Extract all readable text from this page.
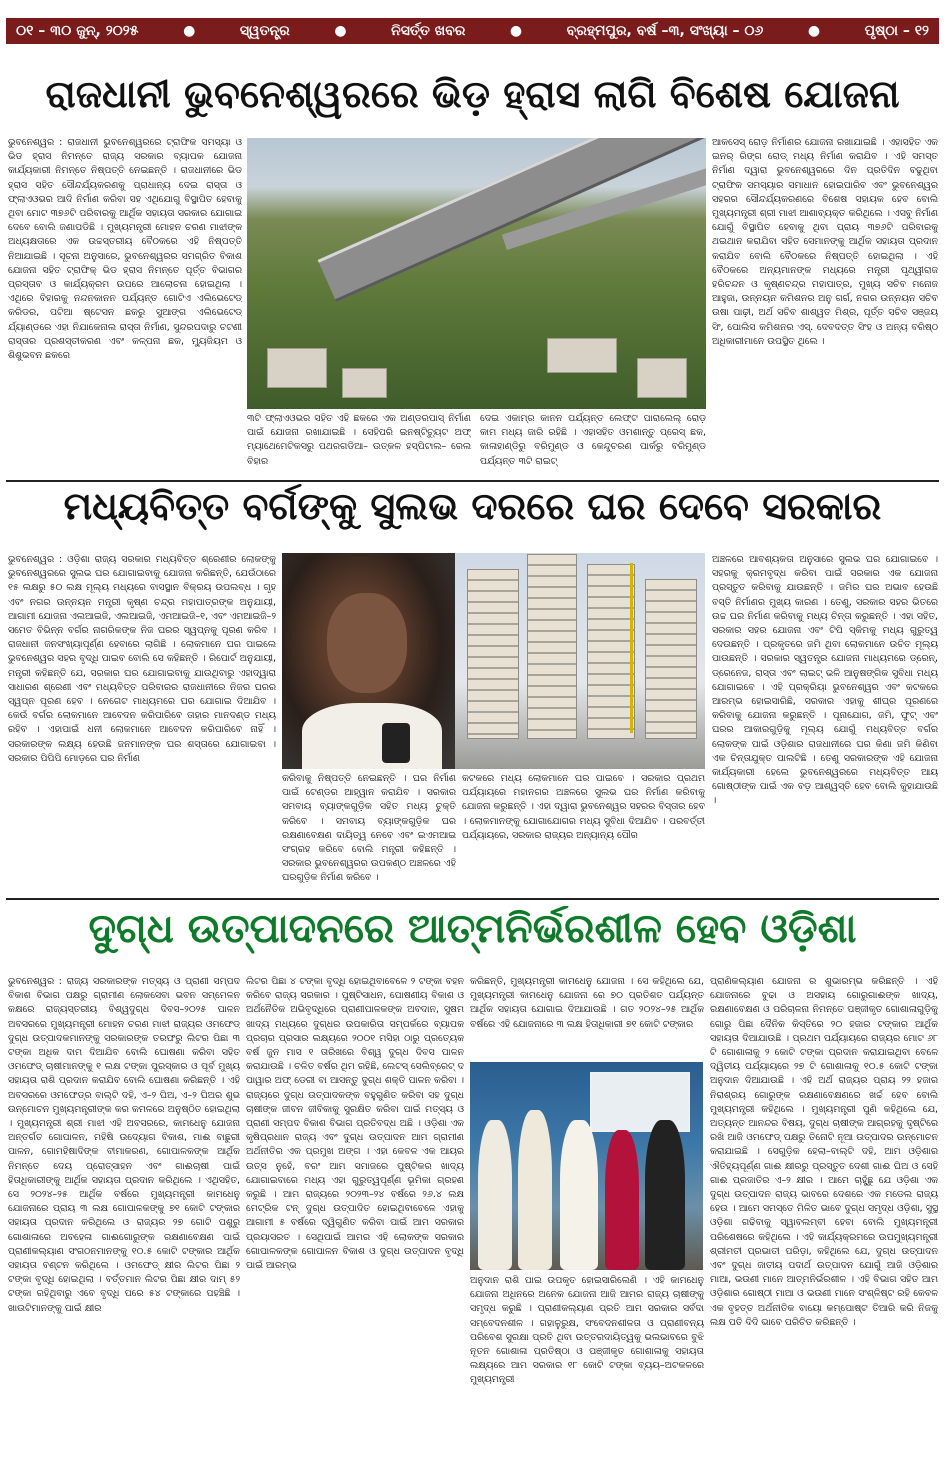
୦୧ – ୩୦ ଜୁନ୍, ୨୦୨୫	●	ସ୍ୱତନ୍ତ୍ର	●	ନିସର୍ତ୍ତ ଖବର	●	ବ୍ରହ୍ମପୁର, ବର୍ଷ –୩, ସଂଖ୍ୟା – ୦୬	●	ପୃଷ୍ଠା – ୧୨
ରାଜଧାନୀ ଭୁବନେଶ୍ୱରରେ ଭିଡ଼ ହ୍ରାସ ଲାଗି ବିଶେଷ ଯୋଜନା
ଭୁବନେଶ୍ୱର : ରାଜଧାନୀ ଭୁବନେଶ୍ୱରରେ ଟ୍ରାଫିକ ସମସ୍ୟା ଓ ଭିଡ ହ୍ରାସ ନିମନ୍ତେ ରାଜ୍ୟ ସରକାର ବ୍ୟାପକ ଯୋଜନା କାର୍ଯ୍ୟକାରୀ ନିମନ୍ତେ ନିଷ୍ପତ୍ତି ନେଇଛନ୍ତି । ରାଜଧାନୀରେ ଭିଡ ହ୍ରାସ ସହିତ ସୌନ୍ଦର୍ଯ୍ୟକରଣକୁ ପ୍ରାଧାନ୍ୟ ଦେଇ ରାସ୍ତା ଓ ଫ୍ଲାଏଓଭର ଆଦି ନିର୍ମାଣ କରିବା ସହ ଏଥିଯୋଗୁ ବିସ୍ଥାପିତ ହେବାକୁ ଥିବା ମୋଟ ୩୭୬ଟି ପରିବାରକୁ ଆର୍ଥିକ ସହାୟତା ସରକାର ଯୋଗାଇ ଦେବେ ବୋଲି ଜଣାପଡିଛି । ମୁଖ୍ୟମନ୍ତ୍ରୀ ମୋହନ ଚରଣ ମାଝୀଙ୍କ ଅଧ୍ୟକ୍ଷତାରେ ଏକ ଉଚ୍ଚସ୍ତରୀୟ ବୈଠକରେ ଏହି ନିଷ୍ପତ୍ତି ନିଆଯାଇଛି । ସୂଚନା ଅନୁସାରେ, ଭୁବନେଶ୍ୱରର ସମଗ୍ରିତ ବିକାଶ ଯୋଜନା ସହିତ ଟ୍ରାଫିକ୍ ଭିଡ ହ୍ରାସ ନିମନ୍ତେ ପୂର୍ତ୍ତ ବିଭାଗର ପ୍ରସ୍ତାବ ଓ କାର୍ଯ୍ୟକ୍ରମ ଉପରେ ଆଲୋଚନା ହୋଇଥିଲା । ଏଥିରେ ବିହାରକୁ ନନ୍ଦନକାନନ ପର୍ଯ୍ୟନ୍ତ ଗୋଟିଏ ଏଲିଭେଟେଡ୍ କରିଡର, ପଟିଆ ଷ୍ଟେସନ ଛକରୁ ସୁଆଙ୍ଗ ଏଲିଭେଟେଡ୍ ର୍ଯ୍ୟାଣ୍ଡରେ ଏହା ନିଯାକେନାଲ ରାସ୍ତା ନିର୍ମାଣ, ସୁନ୍ଦରପଦାରୁ ଚଟଣୀ ରାସ୍ତାର ପ୍ରଶସ୍ତୀକରଣ ଏବଂ କଳ୍ପନା ଛକ, ମ୍ୟୁଜିୟମ ଓ ଶିଶୁଭବନ ଛକରେ
୩ଟି ଫ୍ଲାଏଓଭର ସହିତ ଏହି ଛକରେ ଏକ ଅଣ୍ଡରପାସ୍ ନିର୍ମାଣ ପାଇଁ ଯୋଜନା ରଖାଯାଇଛି । ସେହିପରି ଇନଷ୍ଟିଚ୍ୟୁଟ ଅଫ୍ ମ୍ୟାଥେମେଟିକସରୁ ପଥରଗଡିଆ– ଉତ୍କଳ ହସ୍ପିଟାଲ– ରେଲ ବିହାର
ଦେଇ ଏକାମ୍ର କାନନ ପର୍ଯ୍ୟନ୍ତ ଲେଫ୍ଟ ପାରାଲେଲ୍ ରୋଡ଼ କାମ ମଧ୍ୟ ଜାରି ରହିଛି । ଏହାସହିତ ଓମଶାନ୍ତୁ ପ୍ରେସ୍ ଛକ, କାଳାହାଣ୍ଡିରୁ ବରିମୁଣ୍ଡ ଓ କେନ୍ଦୁଚରଣ ପାର୍କରୁ ବରିମୁଣ୍ଡ ପର୍ଯ୍ୟନ୍ତ ୩ଟି ରାଇଟ୍
ଆକସେସ୍ ରୋଡ଼ ନିର୍ମାଣର ଯୋଜନା ରଖାଯାଇଛି । ଏହାସହିତ ଏକ ଇନର୍ ରିଙ୍ଗ ରୋଡ୍ ମଧ୍ୟ ନିର୍ମାଣ କରାଯିବ । ଏହି ସମସ୍ତ ନିର୍ମାଣ ଦ୍ୱାରା ଭୁବନେଶ୍ୱରରେ ଦିନ ପ୍ରତିଦିନ ବଢୁଥିବା ଟ୍ରାଫିକ ସମସ୍ୟାର ସମାଧାନ ହୋଇପାରିବ ଏବଂ ଭୁବନେଶ୍ୱର ସହରର ସୌନ୍ଦର୍ଯ୍ୟକରଣରେ ବିଶେଷ ସହାୟକ ହେବ ବୋଲି ମୁଖ୍ୟମନ୍ତ୍ରୀ ଶ୍ରୀ ମାଝୀ ଆଶାବ୍ୟକ୍ତ କରିଥିଲେ । ଏସବୁ ନିର୍ମାଣ ଯୋଗୁଁ ବିସ୍ଥାପିତ ହେବାକୁ ଥିବା ପ୍ରାୟ ୩୭୬ଟି ପରିବାରକୁ ଥଇଥାନ କରାଯିବା ସହିତ ସେମାନଙ୍କୁ ଆର୍ଥିକ ସହାୟତା ପ୍ରଦାନ କରାଯିବ ବୋଲି ବୈଠକରେ ନିଷ୍ପତ୍ତି ହୋଇଥିଲା । ଏହି ବୈଠକରେ ଅନ୍ୟମାନଙ୍କ ମଧ୍ୟରେ ମନ୍ତ୍ରୀ ପୃଥ୍ୱୀରାଜ ହରିଚନ୍ଦନ ଓ କୃଷ୍ଣଚନ୍ଦ୍ର ମହାପାତ୍ର, ମୁଖ୍ୟ ସଚିବ ମନୋଜ ଆହୁଜା, ଉନ୍ନୟନ କମିଶନର ଅନୁ ଗର୍ଗ, ନଗର ଉନ୍ନୟନ ସଚିବ ଉଷା ପାଢ଼ୀ, ଅର୍ଥ ସଚିବ ଶାଶ୍ୱତ ମିଶ୍ର, ପୂର୍ତ୍ତ ସଚିବ ସଞ୍ଜୟ ସିଂ, ପୋଲିସ କମିଶନର ଏସ୍. ଦେବଦତ୍ତ ସିଂହ ଓ ଅନ୍ୟ ବରିଷ୍ଠ ଅଧିକାରୀମାନେ ଉପସ୍ଥିତ ଥିଲେ ।
ମଧ୍ୟବିତ୍ତ ବର୍ଗଙ୍କୁ ସୁଲଭ ଦରରେ ଘର ଦେବେ ସରକାର
ଭୁବନେଶ୍ୱର : ଓଡ଼ିଶା ରାଜ୍ୟ ସରକାର ମଧ୍ୟବିତ୍ତ ଶ୍ରେଣୀର ଲୋକଙ୍କୁ ଭୁବନେଶ୍ୱରରେ ସୁଲଭ ଘର ଯୋଗାଇବାକୁ ଯୋଜନା କରିଛନ୍ତି, ଯେଉଁଠାରେ ୧୫ ଲକ୍ଷରୁ ୫୦ ଲକ୍ଷ ମୂଲ୍ୟ ମଧ୍ୟରେ ବାସସ୍ଥାନ ବିକ୍ରୟ ଉପଲବ୍ଧ । ଗୃହ ଏବଂ ନଗର ଉନ୍ନୟନ ମନ୍ତ୍ରୀ କୃଷ୍ଣ ଚନ୍ଦ୍ର ମହାପାତ୍ରଙ୍କ ଅନୁଯାୟୀ, ଆଗାମୀ ଯୋଜନା ଏଲଆଇଜି, ଏଲଆଇଜି, ଏମଆଇଜି–୧, ଏବଂ ଏମଆଇଜି–୨ ସମେତ ବିଭିନ୍ନ ବର୍ଗର ନାଗରିକଙ୍କ ନିଜ ଘରର ସ୍ୱପ୍ନକୁ ପୂରଣ କରିବ । ରାଜଧାନୀ ଜନସଂଖ୍ୟାପୂର୍ଣ୍ଣ ହେବାରେ ଲାଗିଛି । ଲୋକମାନେ ଘର ପାଇଲେ ଭୁବନେଶ୍ୱର ସହର ବୃଦ୍ଧି ପାଇବ ବୋଲି ସେ କହିଛନ୍ତି । ରିପୋର୍ଟ ଅନୁଯାୟୀ, ମନ୍ତ୍ରୀ କହିଛନ୍ତି ଯେ, ସରକାର ଘର ଯୋଗାଇବାକୁ ଯାଉଥିବାରୁ ଏହାଦ୍ୱାରା ସାଧାରଣ ଶ୍ରେଣୀ ଏବଂ ମଧ୍ୟବିତ୍ତ ପରିବାରର ରାଜଧାନୀରେ ନିଜର ଘରର ସ୍ୱପ୍ନ ପୂରଣ ହେବ । ନେଗେଟ ମାଧ୍ୟମରେ ଘର ଯୋଗାଇ ଦିଆଯିବ । କେଉଁ ବର୍ଗର ଲୋକମାନେ ଆବେଦନ କରିପାରିବେ ତାହାର ମାନଦଣ୍ଡ ମଧ୍ୟ ରହିବ । ଏହାପାଇଁ ଧନୀ ଲୋକମାନେ ଆବେଦନ କରିପାରିବେ ନାହିଁ । ସରକାରଙ୍କ ଲକ୍ଷ୍ୟ ହେଉଛି ଜନମାନଙ୍କ ଘର ଶସ୍ତାରେ ଯୋଗାଇବା । ସରକାର ପିପିପି ମୋଡ଼ରେ ଘର ନିର୍ମାଣ
କରିବାକୁ ନିଷ୍ପତ୍ତି ନେଇଛନ୍ତି । ଘର ନିର୍ମାଣ ପାଇଁ ଟେଣ୍ଡର ଆହ୍ୱାନ କରାଯିବ । ସରକାର ସମବାୟ ବ୍ୟାଙ୍କଗୁଡ଼ିକ ସହିତ ମଧ୍ୟ ଚୁକ୍ତି କରିବେ । ସମବାୟ ବ୍ୟାଙ୍କଗୁଡ଼ିକ ଘର ରକ୍ଷଣାବେକ୍ଷଣ ଦାୟିତ୍ୱ ନେବେ ଏବଂ ଇଏମଆଇ ସଂଗ୍ରହ କରିବେ ବୋଲି ମନ୍ତ୍ରୀ କହିଛନ୍ତି । ସରକାର ଭୁବନେଶ୍ୱରର ଉପକଣ୍ଠ ଅଞ୍ଚଳରେ ଏହି ଘରଗୁଡ଼ିକ ନିର୍ମାଣ କରିବେ ।
କଟକରେ ମଧ୍ୟ ଲୋକମାନେ ଘର ପାଇବେ । ସରକାର ପ୍ରଥମ ପର୍ଯ୍ୟାୟରେ ମହାନଗର ଅଞ୍ଚଳରେ ସୁଲଭ ଘର ନିର୍ମାଣ କରିବାକୁ ଯୋଜନା କରୁଛନ୍ତି । ଏହା ଦ୍ୱାରା ଭୁବନେଶ୍ୱର ସହରର ବିସ୍ତାର ହେବ । ଲୋକମାନଙ୍କୁ ଯୋଗାଯୋଗର ମଧ୍ୟ ସୁବିଧା ଦିଆଯିବ । ପରବର୍ତ୍ତୀ ପର୍ଯ୍ୟାୟରେ, ସରକାର ରାଜ୍ୟର ଅନ୍ୟାନ୍ୟ ପୌର
ଅଞ୍ଚଳରେ ଆବଶ୍ୟକତା ଅନୁସାରେ ସୁଲଭ ଘର ଯୋଗାଇବେ । ସହରକୁ କ୍ରମବୃଦ୍ଧ କରିବା ପାଇଁ ସରକାର ଏକ ଯୋଜନା ପ୍ରସ୍ତୁତ କରିବାକୁ ଯାଉଛନ୍ତି । ଜମିର ଘର ଅଭାବ ହେଉଛି ବସ୍ତି ନିର୍ମାଣର ମୁଖ୍ୟ କାରଣ । ତେଣୁ, ସରକାର ସହର ଭିତରେ ଉଚ୍ଚ ଘର ନିର୍ମାଣ କରିବାକୁ ମଧ୍ୟ ଚିନ୍ତା କରୁଛନ୍ତି । ଏହା ସହିତ, ସରକାର ସହର ଯୋଜନା ଏବଂ ଟିପି ସ୍କିମକୁ ମଧ୍ୟ ଗୁରୁତ୍ୱ ଦେଉଛନ୍ତି । ପ୍ରକୃତରେ ଜମି ଥିବା ଲୋକମାନେ ଉଚିତ ମୂଲ୍ୟ ପାଉଛନ୍ତି । ସରକାର ସ୍ୱତନ୍ତ୍ର ଯୋଜନା ମାଧ୍ୟମରେ ଡ୍ରେନ୍, ଡ୍ରେନେଜ, ରାସ୍ତା ଏବଂ ଲାଇଟ୍ ଭଳି ଆନୁଷଙ୍ଗିକ ସୁବିଧା ମଧ୍ୟ ଯୋଗାଇବେ । ଏହି ପ୍ରକ୍ରିୟା ଭୁବନେଶ୍ୱର ଏବଂ କଟକରେ ଆରମ୍ଭ ହୋଇସାରିଛି, ସରକାର ଏହାକୁ ଶୀଘ୍ର ପୂରଣରେ କରିବାକୁ ଯୋଜନା କରୁଛନ୍ତି । ପୂନାଯୋଗ, ଜମି, ଫୁଟ୍ ଏବଂ ଘରର ଆକାରଗୁଡ଼ିକୁ ମୂଲ୍ୟ ଯୋଗୁଁ ମଧ୍ୟବିତ୍ତ ବର୍ଗର ଲୋକଙ୍କ ପାଇଁ ଓଡ଼ିଶାର ରାଜଧାନୀରେ ଘର କିଣା ଜମି କିଣିବା ଏକ ଚିନ୍ତାଯୁକ୍ତ ପାଲଟିଛି । ତେଣୁ ସରକାରଙ୍କ ଏହି ଯୋଜନା କାର୍ଯ୍ୟକାରୀ ହେଲେ ଭୁବନେଶ୍ୱରରେ ମଧ୍ୟବିତ୍ତ ଆୟ ଗୋଷ୍ଠୀଙ୍କ ପାଇଁ ଏକ ବଡ଼ ଆଶ୍ୱସ୍ତି ହେବ ବୋଲି କୁହାଯାଉଛି ।
ଦୁଗ୍ଧ ଉତ୍ପାଦନରେ ଆତ୍ମନିର୍ଭରଶୀଳ ହେବ ଓଡ଼ିଶା
ଭୁବନେଶ୍ୱର : ରାଜ୍ୟ ସରକାରଙ୍କ ମତ୍ସ୍ୟ ଓ ପ୍ରାଣୀ ସମ୍ପଦ ବିକାଶ ବିଭାଗ ପକ୍ଷରୁ ଗ୍ରାମୀଣ ଲୋକସେବା ଭବନ ସମ୍ମେଳନ କକ୍ଷରେ ରାଜ୍ୟସ୍ତରୀୟ ବିଶ୍ୱଦୁଗ୍ଧ ଦିବସ–୨୦୨୫ ପାଳନ ଅବସରରେ ମୁଖ୍ୟମନ୍ତ୍ରୀ ମୋହନ ଚରଣ ମାଝୀ ରାଜ୍ୟର ଓମଫେଡ୍ ଦୁଗ୍ଧ ଉତ୍ପାଦକମାନଙ୍କୁ ସରକାରଙ୍କ ତରଫରୁ ଲିଟର ପିଛା ୩ ଟଙ୍କା ଅଧିକ ଦାମ ଦିଆଯିବ ବୋଲି ଘୋଷଣା କରିବା ସହିତ ଓମଫେଡ୍ ଚାଷୀମାନଙ୍କୁ ୧ ଲକ୍ଷ ଟଙ୍କା ପୁରସ୍କାର ଓ ପୂର୍ବ ମୁଖ୍ୟ ସହାୟତା ରାଶି ପ୍ରଦାନ କରାଯିବ ବୋଲି ଘୋଷଣା କରିଛନ୍ତି । ଏହି ଅବସରରେ ଓମଫେଡ୍ର ବାଲ୍ଟି ଦହି, ଏ–୨ ଘିଅ, ଏ–୨ ଘିଅର ଶୁଭ ଉନ୍ମୋଚନ ମୁଖ୍ୟମନ୍ତ୍ରୀଙ୍କ କର କମଳରେ ଅନୁଷ୍ଠିତ ହୋଇଥିଲା । ମୁଖ୍ୟମନ୍ତ୍ରୀ ଶ୍ରୀ ମାଝୀ ଏହି ଅବସରରେ, କାମଧେନୁ ଯୋଜନା ଅନ୍ତର୍ଗତ ଗୋପାଳନ, ମହିଷି ଉଦ୍ୟୋଗ ବିକାଶ, ମାଈ ବାଛୁରୀ ପାଳନ, ଗୋମହିଷାଦିଙ୍କ ବୀମାକରଣ, ଗୋପାଳକଙ୍କ ଆର୍ଥିକ ନିମନ୍ତେ ଦେୟ ପ୍ରୋତ୍ସାହନ ଏବଂ ଗାଈଚାଷୀ ପାଇଁ ହିତାଧିକାରୀଙ୍କୁ ଆର୍ଥିକ ସହାୟତା ପ୍ରଦାନ କରିଥିଲେ । ଏଥିସହିତ, ସେ ୨୦୨୪–୨୫ ଆର୍ଥିକ ବର୍ଷରେ ମୁଖ୍ୟମନ୍ତ୍ରୀ କାମଧେନୁ ଯୋଜନାରେ ପ୍ରାୟ ୩ ଲକ୍ଷ ଗୋପାଳକଙ୍କୁ ୭୧ କୋଟି ଟଙ୍କାର ସହାୟତା ପ୍ରଦାନ କରିଥିଲେ ଓ ରାଜ୍ୟର ୨୭ ଗୋଟି ପଶୁରୁ ଗୋଶାଳାରେ ଅବହେଳା ଗାଈଗୋରୁଙ୍କ ରକ୍ଷଣାବେକ୍ଷଣ ପାଇଁ ପ୍ରାଣୀକଲ୍ୟାଣ ସଂଗଠନମାନଙ୍କୁ ୧୦.୫ କୋଟି ଟଙ୍କାର ଆର୍ଥିକ ସହାୟତା ବଣ୍ଟନ କରିଥିଲେ । ଓମଫେଡ୍ କ୍ଷୀର ଲିଟର ପିଛା ୨ ଟଙ୍କା ବୃଦ୍ଧି ହୋଇଥିଲା । ବର୍ତ୍ତମାନ ଲିଟର ପିଛା କ୍ଷୀର ଦାମ୍ ୫୨ ଟଙ୍କା ରହିଥିବାରୁ ଏବେ ବୃଦ୍ଧି ପରେ ୫୪ ଟଙ୍କାରେ ପହଞ୍ଚିଛି । ଖାଉଟିମାନଙ୍କୁ ପାଇଁ କ୍ଷୀର
ଲିଟର ପିଛା ୪ ଟଙ୍କା ବୃଦ୍ଧି ହୋଇଥିବାବେଳେ ୨ ଟଙ୍କା ବହନ କରିବେ ରାଜ୍ୟ ସରକାର । ପୁଷ୍ଟିସାଧନ, ପୋଷଣୀୟ ବିକାଶ ଓ ଅର୍ଥନୈତିକ ଅଭିବୃଦ୍ଧିରେ ପ୍ରାଣୀପାଳକଙ୍କ ଅବଦାନ, ସୁଷମ ଖାଦ୍ୟ ମଧ୍ୟରେ ଦୁଗ୍ଧର ଉପକାରିତା ସମ୍ପର୍କରେ ବ୍ୟାପକ ପ୍ରଚାର ପ୍ରସାର ଲକ୍ଷ୍ୟରେ ୨୦୦୧ ମସିହା ଠାରୁ ପ୍ରତ୍ୟେକ ବର୍ଷ ଜୁନ ମାସ ୧ ତାରିଖରେ ବିଶ୍ୱ ଦୁଗ୍ଧ ଦିବସ ପାଳନ କରାଯାଉଛି । ଚଳିତ ବର୍ଷର ଥିମ ରହିଛି, ଲେଟସ୍ ସେଲିବ୍ରେଟ୍ ଦ ପାୱାର ଅଫ୍ ଡେରୀ ବା ଆସନ୍ତୁ ଦୁଗ୍ଧ ଶକ୍ତି ପାଳନ କରିବା । ରାଜ୍ୟରେ ଦୁଗ୍ଧ ଉତ୍ପାଦକଙ୍କ ବହୁଗୁଣିତ କରିବା ସହ ଦୁଗ୍ଧ ଚାଷୀଙ୍କ ଜୀବନ ଜୀବିକାକୁ ସୁରକ୍ଷିତ କରିବା ପାଇଁ ମତ୍ସ୍ୟ ଓ ପ୍ରାଣୀ ସମ୍ପଦ ବିକାଶ ବିଭାଗ ପ୍ରତିବଦ୍ଧ ଅଛି । ଓଡ଼ିଶା ଏକ କୃଷିପ୍ରଧାନ ରାଜ୍ୟ ଏବଂ ଦୁଗ୍ଧ ଉତ୍ପାଦନ ଆମ ଗ୍ରାମୀଣ ଅର୍ଥନୀତିର ଏକ ପ୍ରମୁଖ ଅଙ୍ଗ । ଏହା କେବଳ ଏକ ଆୟର ଉତ୍ସ ନୁହେଁ, ବରଂ ଆମ ସମାଜରେ ପୁଷ୍ଟିକର ଖାଦ୍ୟ ଯୋଗାଇବାରେ ମଧ୍ୟ ଏହା ଗୁରୁତ୍ୱପୂର୍ଣ୍ଣ ଭୂମିକା ଗ୍ରହଣ କରୁଛି । ଆମ ରାଜ୍ୟରେ ୨୦୨୩–୨୪ ବର୍ଷରେ ୨୬.୪ ଲକ୍ଷ ମେଟ୍ରିକ ଟନ୍ ଦୁଗ୍ଧ ଉତ୍ପାଦିତ ହୋଇଥିବାବେଳେ ଏହାକୁ ଆଗାମୀ ୫ ବର୍ଷରେ ଦ୍ୱିଗୁଣିତ କରିବା ପାଇଁ ଆମ ସରକାର ପ୍ରୟାସରତ । ସେଥିପାଇଁ ଆମର ଏହି ଲୋକଙ୍କ ସରକାର ଗୋପାଳକଙ୍କ ଗୋପାଳନ ବିକାଶ ଓ ଦୁଗ୍ଧ ଉତ୍ପାଦନ ବୃଦ୍ଧି ପାଇଁ ଆରମ୍ଭ
କରିଛନ୍ତି, ମୁଖ୍ୟମନ୍ତ୍ରୀ କାମଧେନୁ ଯୋଜନା । ସେ କହିଥିଲେ ଯେ, ମୁଖ୍ୟମନ୍ତ୍ରୀ କାମଧେନୁ ଯୋଜନା ରେ ୭୦ ପ୍ରତିଶତ ପର୍ଯ୍ୟନ୍ତ ଆର୍ଥିକ ସହାୟତା ଯୋଗାଇ ଦିଆଯାଉଛି । ଗତ ୨୦୨୪–୨୫ ଆର୍ଥିକ ବର୍ଷରେ ଏହି ଯୋଜନାରେ ୩ ଲକ୍ଷ ହିତାଧିକାରୀ ୭୧ କୋଟି ଟଙ୍କାର
ଅନୁଦାନ ରାଶି ପାଇ ଉପକୃତ ହୋଇସାରିଲେଣି । ଏହି କାମଧେନୁ ଯୋଜନା ଅଧିନରେ ଅନେକ ଯୋଜନା ଆଜି ଆମର ରାଜ୍ୟ ଚାଷୀଙ୍କୁ ସମୃଦ୍ଧ କରୁଛି । ପ୍ରାଣୀକଲ୍ୟାଣ ପ୍ରତି ଆମ ସରକାର ସର୍ବଦା ସମ୍ବେଦନଶୀଳ । ଗହାଳୁରୁକ୍ଷ, ସଂବେଦନଶୀଳତା ଓ ପ୍ରାଣୀବନ୍ୟ ପରିବେଶ ସୁରକ୍ଷା ପ୍ରତି ଥିବା ଉତ୍ତରଦାୟିତ୍ୱକୁ ଭଲଭାବରେ ବୁଝି ନୂତନ ଗୋଶାଳା ପ୍ରତିଷ୍ଠା ଓ ପଞ୍ଜୀକୃତ ଗୋଶାଳାକୁ ସହାୟତା ଲକ୍ଷ୍ୟରେ ଆମ ସରକାର ୧୮ କୋଟି ଟଙ୍କା ବ୍ୟୟ–ଅଟକଳରେ ମୁଖ୍ୟମନ୍ତ୍ରୀ
ପ୍ରାଣିକଲ୍ୟାଣ ଯୋଜନା ର ଶୁଭାରମ୍ଭ କରିଛନ୍ତି । ଏହି ଯୋଜନାରେ ବୁଢା ଓ ଅସହାୟ ଗୋରୁଗାଈଙ୍କ ଖାଦ୍ୟ, ରକ୍ଷଣାବେକ୍ଷଣ ଓ ପରିଚାଳନା ନିମନ୍ତେ ପଞ୍ଜୀକୃତ ଗୋଶାଳାଗୁଡ଼ିକୁ ଗୋରୁ ପିଛା ଦୈନିକ କିସ୍ତିରେ ୨୦ ହଜାର ଟଙ୍କାର ଆର୍ଥିକ ସହାୟତା ଦିଆଯାଉଛି । ପ୍ରଥମ ପର୍ଯ୍ୟାୟରେ ରାଜ୍ୟର ମୋଟ ୬୮ ଟି ଗୋଶାଳାକୁ ୨ କୋଟି ଟଙ୍କା ପ୍ରଦାନ କରାଯାଇଥିବା ବେଳେ ଦ୍ୱିତୀୟ ପର୍ଯ୍ୟାୟରେ ୨୭ ଟି ଗୋଶାଳାକୁ ୧୦.୫ କୋଟି ଟଙ୍କା ଅନୁଦାନ ଦିଆଯାଉଛି । ଏହି ଅର୍ଥ ରାଜ୍ୟର ପ୍ରାୟ ୨୨ ହଜାର ନିରାଶ୍ରୟ ଗୋରୁଙ୍କ ରକ୍ଷଣାବେକ୍ଷଣରେ ଖର୍ଚ୍ଚ ହେବ ବୋଲି ମୁଖ୍ୟମନ୍ତ୍ରୀ କହିଥିଲେ । ମୁଖ୍ୟମନ୍ତ୍ରୀ ପୁଣି କହିଥିଲେ ଯେ, ଅତ୍ୟନ୍ତ ଆନନ୍ଦର ବିଷୟ, ଦୁଗ୍ଧ ଚାଷୀଙ୍କ ଆଗ୍ରହକୁ ଦୃଷ୍ଟିରେ ରଖି ଆଜି ଓମଫେଡ୍ ପକ୍ଷରୁ ତିନୋଟି ନୂଆ ଉତ୍ପାଦର ଉନ୍ମୋଚନ କରାଯାଇଛି । ସେଗୁଡ଼ିକ ହେଲା–ବାଲ୍ଟି ଦହି, ଆମ ଓଡ଼ିଶାର ଐତିହ୍ୟପୂର୍ଣ୍ଣ ଗାଈ କ୍ଷୀରରୁ ପ୍ରସ୍ତୁତ ଦେଶୀ ଗାଈ ଘିଅ ଓ ସେହି ଗାଈ ପ୍ରଜାତିର ଏ–୨ କ୍ଷୀର । ଆମେ ଚାହୁଁଛୁ ଯେ ଓଡ଼ିଶା ଏକ ଦୁଗ୍ଧ ଉତ୍ପାଦନ ରାଜ୍ୟ ଭାବରେ ଦେଶରେ ଏକ ମଡେଲ ରାଜ୍ୟ ହେଉ । ଆମେ ସମସ୍ତେ ମିଳିତ ଭାବେ ଦୁଗ୍ଧ ସମୃଦ୍ଧ ଓଡ଼ିଶା, ସୁସ୍ଥ ଓଡ଼ିଶା ଗଢିବାକୁ ସ୍ୱାବଲମ୍ବୀ ହେବା ବୋଲି ମୁଖ୍ୟମନ୍ତ୍ରୀ ପରିଶେଷରେ କହିଥିଲେ । ଏହି କାର୍ଯ୍ୟକ୍ରମରେ ଉପମୁଖ୍ୟମନ୍ତ୍ରୀ ଶ୍ରୀମତୀ ପ୍ରଭାତୀ ପରିଡ଼ା, କହିଥିଲେ ଯେ, ଦୁଗ୍ଧ ଉତ୍ପାଦନ ଏବଂ ଦୁଗ୍ଧ ଜାତୀୟ ପଦାର୍ଥ ଉତ୍ପାଦନ ଯୋଗୁଁ ଆଜି ଓଡ଼ିଶାର ମାଆ, ଭଉଣୀ ମାନେ ଆତ୍ମନିର୍ଭରଶୀଳ । ଏହି ବିଭାଗ ସହିତ ଆମ ଓଡ଼ିଶାର ଗୋଷ୍ଠୀ ମାଆ ଓ ଭଉଣୀ ମାନେ ସଂଶ୍ଳିଷ୍ଟ ରହି କେବଳ ଏକ ବୃହତ୍ତ ଅର୍ଥନୀତିକ ବାୟୋ କମ୍ପୋଷ୍ଟ ତିଆରି କରି ନିଜକୁ ଲକ୍ଷ ପତି ଦିଦି ଭାବେ ପରିଚିତ କରିଛନ୍ତି ।
